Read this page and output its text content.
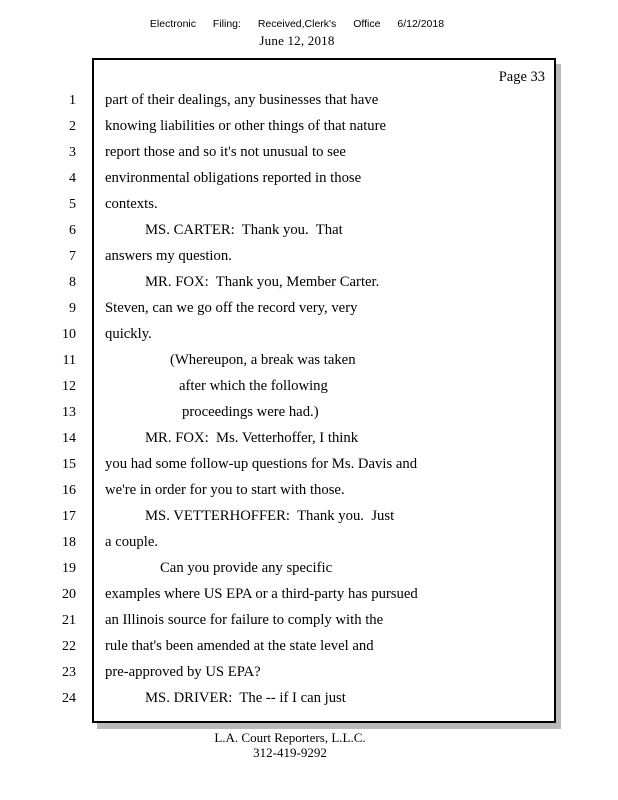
Electronic Filing: Received,Clerk's Office 6/12/2018
June 12, 2018
Page 33
1 part of their dealings, any businesses that have
2 knowing liabilities or other things of that nature
3 report those and so it's not unusual to see
4 environmental obligations reported in those
5 contexts.
6	MS. CARTER:  Thank you.  That
7 answers my question.
8	MR. FOX:  Thank you, Member Carter.
9 Steven, can we go off the record very, very
10 quickly.
11	(Whereupon, a break was taken
12	after which the following
13	proceedings were had.)
14	MR. FOX:  Ms. Vetterhoffer, I think
15 you had some follow-up questions for Ms. Davis and
16 we're in order for you to start with those.
17	MS. VETTERHOFFER:  Thank you.  Just
18 a couple.
19	Can you provide any specific
20 examples where US EPA or a third-party has pursued
21 an Illinois source for failure to comply with the
22 rule that's been amended at the state level and
23 pre-approved by US EPA?
24	MS. DRIVER:  The -- if I can just
L.A. Court Reporters, L.L.C.
312-419-9292
